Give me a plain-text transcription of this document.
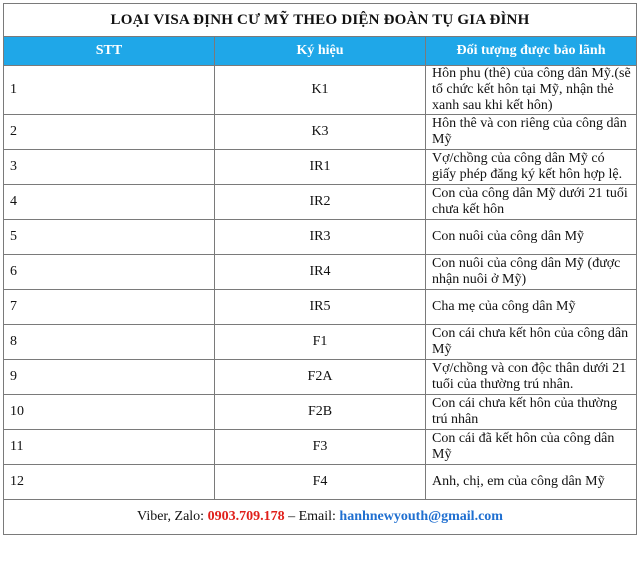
LOẠI VISA ĐỊNH CƯ MỸ THEO DIỆN ĐOÀN TỤ GIA ĐÌNH		
STT	Ký hiệu	Đối tượng được bảo lãnh
1	K1	Hôn phu (thê) của công dân Mỹ.(sẽ tổ chức kết hôn tại Mỹ, nhận thẻ xanh sau khi kết hôn)
2	K3	Hôn thê và con riêng của công dân Mỹ
3	IR1	Vợ/chồng của công dân Mỹ có giấy phép đăng ký kết hôn hợp lệ.
4	IR2	Con của công dân Mỹ dưới 21 tuổi chưa kết hôn
5	IR3	Con nuôi của công dân Mỹ
6	IR4	Con nuôi của công dân Mỹ (được nhận nuôi ở Mỹ)
7	IR5	Cha mẹ của công dân Mỹ
8	F1	Con cái chưa kết hôn của công dân Mỹ
9	F2A	Vợ/chồng và con độc thân dưới 21 tuổi của thường trú nhân.
10	F2B	Con cái chưa kết hôn của thường trú nhân
11	F3	Con cái đã kết hôn của công dân Mỹ
12	F4	Anh, chị, em của công dân Mỹ
Viber, Zalo: 0903.709.178 – Email: hanhnewyouth@gmail.com		
